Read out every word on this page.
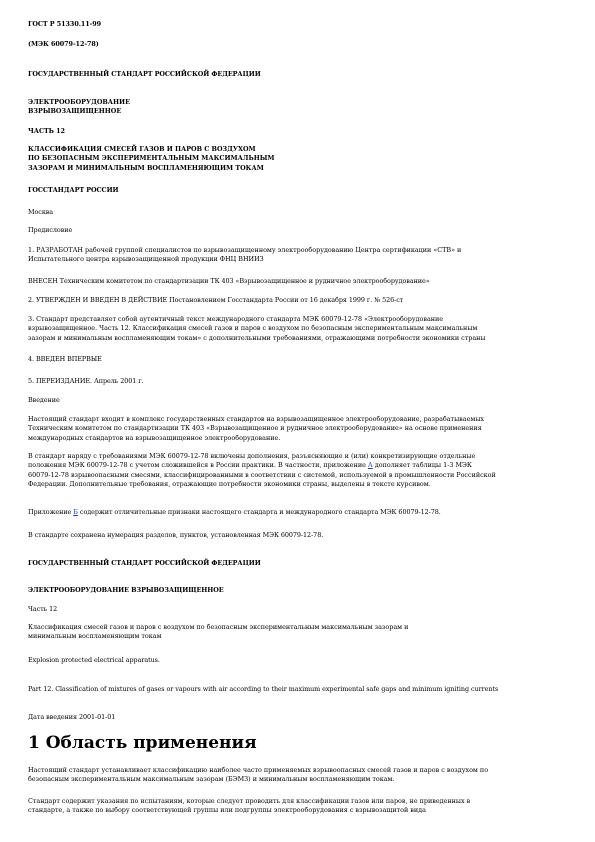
ГОСТ Р 51330.11-99
(МЭК 60079-12-78)
ГОСУДАРСТВЕННЫЙ СТАНДАРТ РОССИЙСКОЙ ФЕДЕРАЦИИ
ЭЛЕКТРООБОРУДОВАНИЕ
ВЗРЫВОЗАЩИЩЕННОЕ
ЧАСТЬ 12
КЛАССИФИКАЦИЯ СМЕСЕЙ ГАЗОВ И ПАРОВ С ВОЗДУХОМ
ПО БЕЗОПАСНЫМ ЭКСПЕРИМЕНТАЛЬНЫМ МАКСИМАЛЬНЫМ
ЗАЗОРАМ И МИНИМАЛЬНЫМ ВОСПЛАМЕНЯЮЩИМ ТОКАМ
ГОССТАНДАРТ РОССИИ
Москва
Предисловие
1. РАЗРАБОТАН рабочей группой специалистов по взрывозащищенному электрооборудованию Центра сертификации «СТВ» и
Испытательного центра взрывозащищенной продукции ФНЦ ВНИИЗ
ВНЕСЕН Техническим комитетом по стандартизации ТК 403 «Взрывозащищенное и рудничное электрооборудование»
2. УТВЕРЖДЕН И ВВЕДЕН В ДЕЙСТВИЕ Постановлением Госстандарта России от 16 декабря 1999 г. № 526-ст
3. Стандарт представляет собой аутентичный текст международного стандарта МЭК 60079-12-78 «Электрооборудование
взрывозащищенное. Часть 12. Классификация смесей газов и паров с воздухом по безопасным экспериментальным максимальным
зазорам и минимальным воспламеняющим токам» с дополнительными требованиями, отражающими потребности экономики страны
4. ВВЕДЕН ВПЕРВЫЕ
5. ПЕРЕИЗДАНИЕ. Апрель 2001 г.
Введение
Настоящий стандарт входит в комплекс государственных стандартов на взрывозащищенное электрооборудование, разрабатываемых
Техническим комитетом по стандартизации ТК 403 «Взрывозащищенное и рудничное электрооборудование» на основе применения
международных стандартов на взрывозащищенное электрооборудование.
В стандарт наряду с требованиями МЭК 60079-12-78 включены дополнения, разъясняющие и (или) конкретизирующие отдельные
положения МЭК 60079-12-78 с учетом сложившейся в России практики. В частности, приложение А дополняет таблицы 1-3 МЭК
60079-12-78 взрывоопасными смесями, классифицированными в соответствии с системой, используемой в промышленности Российской
Федерации. Дополнительные требования, отражающие потребности экономики страны, выделены в тексте курсивом.
Приложение Б содержит отличительные признаки настоящего стандарта и международного стандарта МЭК 60079-12-78.
В стандарте сохранена нумерация разделов, пунктов, установленная МЭК 60079-12-78.
ГОСУДАРСТВЕННЫЙ СТАНДАРТ РОССИЙСКОЙ ФЕДЕРАЦИИ
ЭЛЕКТРООБОРУДОВАНИЕ ВЗРЫВОЗАЩИЩЕННОЕ
Часть 12
Классификация смесей газов и паров с воздухом по безопасным экспериментальным максимальным зазорам и
минимальным воспламеняющим токам
Explosion protected electrical apparatus.
Part 12. Classification of mixtures of gases or vapours with air according to their maximum experimental safe gaps and minimum igniting currents
Дата введения 2001-01-01
1 Область применения
Настоящий стандарт устанавливает классификацию наиболее часто применяемых взрывоопасных смесей газов и паров с воздухом по
безопасным экспериментальным максимальным зазорам (БЭМЗ) и минимальным воспламеняющим токам.
Стандарт содержит указания по испытаниям, которые следует проводить для классификации газов или паров, не приведенных в
стандарте, а также по выбору соответствующей группы или подгруппы электрооборудования с взрывозащитой вида
